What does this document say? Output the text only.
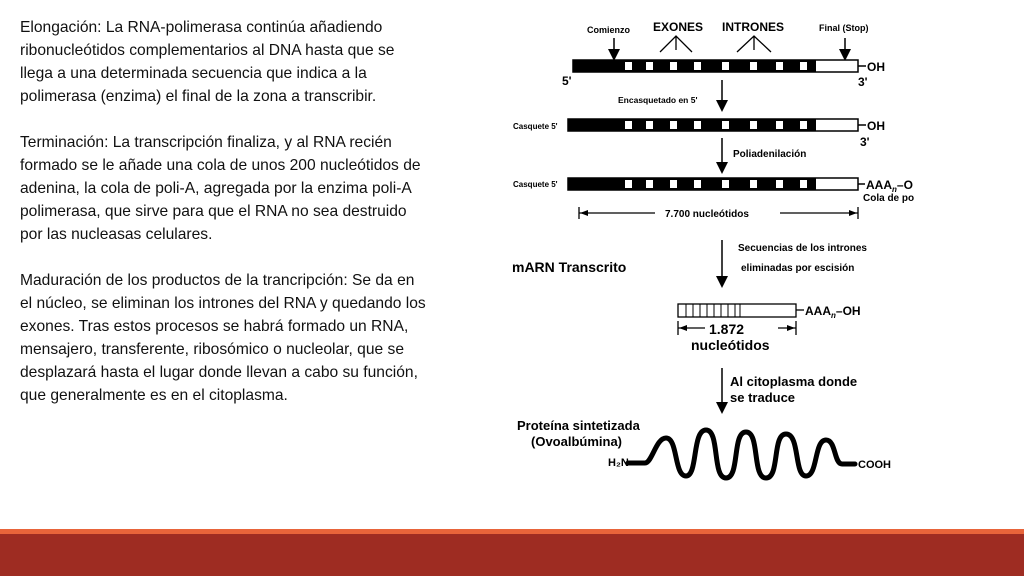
Elongación: La RNA-polimerasa continúa añadiendo ribonucleótidos complementarios al DNA hasta que se llega a una determinada secuencia que indica a la polimerasa (enzima) el final de la zona a transcribir.

Terminación: La transcripción finaliza, y al RNA recién formado se le añade una cola de unos 200 nucleótidos de adenina, la cola de poli-A, agregada por la enzima poli-A polimerasa, que sirve para que el RNA no sea destruido por las nucleasas celulares.

Maduración de los productos de la trancripción: Se da en el núcleo, se eliminan los intrones del RNA y quedando los exones. Tras estos procesos se habrá formado un RNA, mensajero, transferente, ribosómico o nucleolar, que se desplazará hasta el lugar donde llevan a cabo su función, que generalmente es en el citoplasma.

Comienzo EXONES INTRONES	Final (Stop)
OH
5'	3'
Encasquetado en 5'
Casquete 5'	OH
3'
Poliadenilación
Casquete 5'	$AAA_n-O$
Cola de po
7.700 nucleótidos
Secuencias de los intrones
eliminadas por escisión
mARN Transcrito
$AAA_n-OH$
1.872
nucleótidos
Al citoplasma donde
se traduce
Proteína sintetizada
(Ovoalbúmina)
H₂N	COOH
